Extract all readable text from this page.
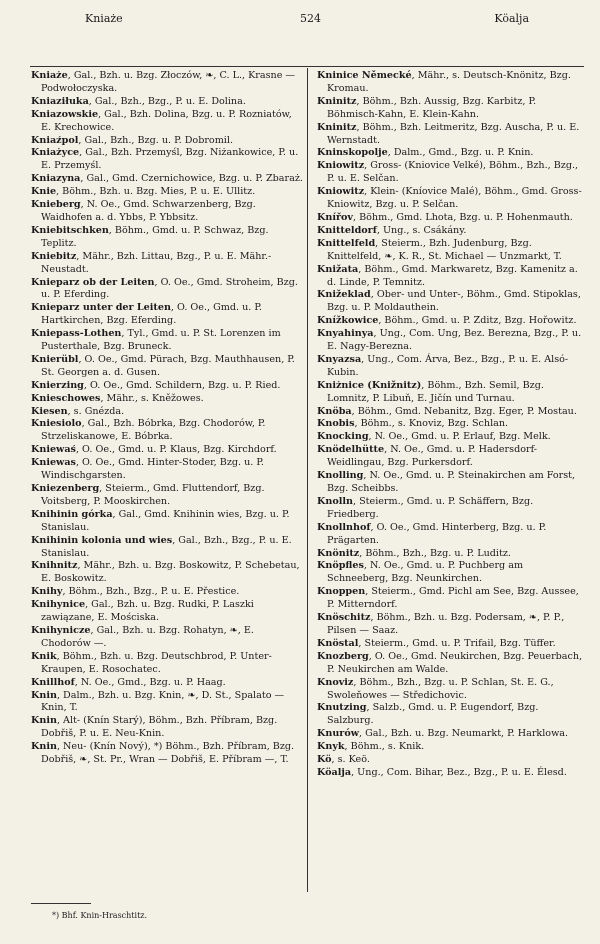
Kniaże	524	Köalja

Kniaże, Gal., Bzh. u. Bzg. Złoczów, ❧, C. L., Krasne — Podwołoczyska.

Kniaziłuka, Gal., Bzh., Bzg., P. u. E. Dolina.

Kniazowskie, Gal., Bzh. Dolina, Bzg. u. P. Rozniatów, E. Krechowice.

Kniaźpol, Gal., Bzh., Bzg. u. P. Dobromil.

Kniażyce, Gal., Bzh. Przemyśl, Bzg. Niżankowice, P. u. E. Przemyśl.

Kniazyna, Gal., Gmd. Czernichowice, Bzg. u. P. Zbaraż.

Knie, Böhm., Bzh. u. Bzg. Mies, P. u. E. Ullitz.

Knieberg, N. Oe., Gmd. Schwarzenberg, Bzg. Waidhofen a. d. Ybbs, P. Ybbsitz.

Kniebitschken, Böhm., Gmd. u. P. Schwaz, Bzg. Teplitz.

Kniebitz, Mähr., Bzh. Littau, Bzg., P. u. E. Mähr.-Neustadt.

Knieparz ob der Leiten, O. Oe., Gmd. Stroheim, Bzg. u. P. Eferding.

Knieparz unter der Leiten, O. Oe., Gmd. u. P. Hartkirchen, Bzg. Eferding.

Kniepass-Lothen, Tyl., Gmd. u. P. St. Lorenzen im Pusterthale, Bzg. Bruneck.

Knierübl, O. Oe., Gmd. Pürach, Bzg. Mauthhausen, P. St. Georgen a. d. Gusen.

Knierzing, O. Oe., Gmd. Schildern, Bzg. u. P. Ried.

Knieschowes, Mähr., s. Kněžowes.

Kiesen, s. Gnézda.

Kniesiolo, Gal., Bzh. Bóbrka, Bzg. Chodorów, P. Strzeliskanowe, E. Bóbrka.

Kniewaś, O. Oe., Gmd. u. P. Klaus, Bzg. Kirchdorf.

Kniewas, O. Oe., Gmd. Hinter-Stoder, Bzg. u. P. Windischgarsten.

Kniezenberg, Steierm., Gmd. Fluttendorf, Bzg. Voitsberg, P. Mooskirchen.

Knihinin górka, Gal., Gmd. Knihinin wies, Bzg. u. P. Stanislau.

Knihinin kolonia und wies, Gal., Bzh., Bzg., P. u. E. Stanislau.

Knihnitz, Mähr., Bzh. u. Bzg. Boskowitz, P. Schebetau, E. Boskowitz.

Knihy, Böhm., Bzh., Bzg., P. u. E. Přestice.

Knihynice, Gal., Bzh. u. Bzg. Rudki, P. Laszki zawiązane, E. Mościska.

Knihynicze, Gal., Bzh. u. Bzg. Rohatyn, ❧, E. Chodorów —.

Knik, Böhm., Bzh. u. Bzg. Deutschbrod, P. Unter-Kraupen, E. Rosochatec.

Knillhof, N. Oe., Gmd., Bzg. u. P. Haag.

Knin, Dalm., Bzh. u. Bzg. Knin, ❧, D. St., Spalato — Knin, T.

Knin, Alt- (Knín Starý), Böhm., Bzh. Příbram, Bzg. Dobřiš, P. u. E. Neu-Knin.

Knin, Neu- (Knín Nový), *) Böhm., Bzh. Příbram, Bzg. Dobřiš, ❧, St. Pr., Wran — Dobřiš, E. Příbram —, T.

Kninice Německé, Mähr., s. Deutsch-Knönitz, Bzg. Kromau.

Kninitz, Böhm., Bzh. Aussig, Bzg. Karbitz, P. Böhmisch-Kahn, E. Klein-Kahn.

Kninitz, Böhm., Bzh. Leitmeritz, Bzg. Auscha, P. u. E. Wernstadt.

Kninskopolje, Dalm., Gmd., Bzg. u. P. Knin.

Kniowitz, Gross- (Kniovice Velké), Böhm., Bzh., Bzg., P. u. E. Selčan.

Kniowitz, Klein- (Kníovice Malé), Böhm., Gmd. Gross-Kniowitz, Bzg. u. P. Selčan.

Knířov, Böhm., Gmd. Lhota, Bzg. u. P. Hohenmauth.

Knitteldorf, Ung., s. Csákány.

Knittelfeld, Steierm., Bzh. Judenburg, Bzg. Knittelfeld, ❧, K. R., St. Michael — Unzmarkt, T.

Knižata, Böhm., Gmd. Markwaretz, Bzg. Kamenitz a. d. Linde, P. Temnitz.

Knižeklad, Ober- und Unter-, Böhm., Gmd. Stipoklas, Bzg. u. P. Moldauthein.

Knížkowice, Böhm., Gmd. u. P. Zditz, Bzg. Hořowitz.

Knyahinya, Ung., Com. Ung, Bez. Berezna, Bzg., P. u. E. Nagy-Berezna.

Knyazsa, Ung., Com. Árva, Bez., Bzg., P. u. E. Alsó-Kubin.

Kniżnice (Knižnitz), Böhm., Bzh. Semil, Bzg. Lomnitz, P. Libuň, E. Jičín und Turnau.

Knöba, Böhm., Gmd. Nebanitz, Bzg. Eger, P. Mostau.

Knobis, Böhm., s. Knoviz, Bzg. Schlan.

Knocking, N. Oe., Gmd. u. P. Erlauf, Bzg. Melk.

Knödelhütte, N. Oe., Gmd. u. P. Hadersdorf-Weidlingau, Bzg. Purkersdorf.

Knolling, N. Oe., Gmd. u. P. Steinakirchen am Forst, Bzg. Scheibbs.

Knolln, Steierm., Gmd. u. P. Schäffern, Bzg. Friedberg.

Knollnhof, O. Oe., Gmd. Hinterberg, Bzg. u. P. Prägarten.

Knönitz, Böhm., Bzh., Bzg. u. P. Luditz.

Knöpfles, N. Oe., Gmd. u. P. Puchberg am Schneeberg, Bzg. Neunkirchen.

Knoppen, Steierm., Gmd. Pichl am See, Bzg. Aussee, P. Mitterndorf.

Knöschitz, Böhm., Bzh. u. Bzg. Podersam, ❧, P. P., Pilsen — Saaz.

Knöstal, Steierm., Gmd. u. P. Trifail, Bzg. Tüffer.

Knozberg, O. Oe., Gmd. Neukirchen, Bzg. Peuerbach, P. Neukirchen am Walde.

Knoviz, Böhm., Bzh., Bzg. u. P. Schlan, St. E. G., Swoleňowes — Středichovic.

Knutzing, Salzb., Gmd. u. P. Eugendorf, Bzg. Salzburg.

Knurów, Gal., Bzh. u. Bzg. Neumarkt, P. Harklowa.

Knyk, Böhm., s. Knik.

Kö, s. Keö.

Köalja, Ung., Com. Bihar, Bez., Bzg., P. u. E. Élesd.

*) Bhf. Knin-Hraschtitz.
